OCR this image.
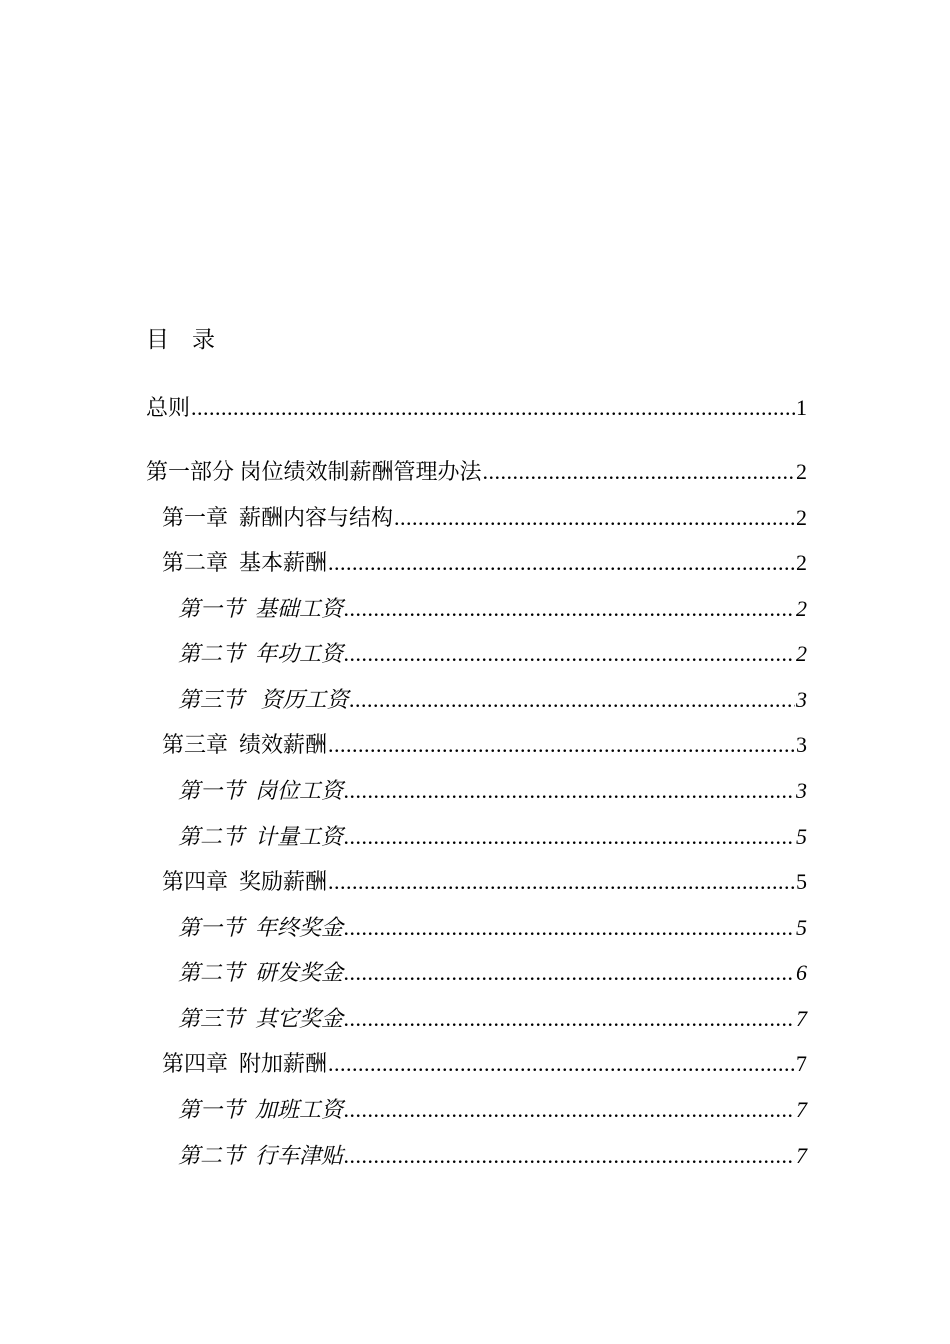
目　录
总则 .....	1
第一部分 岗位绩效制薪酬管理办法 .....	2
第一章  薪酬内容与结构 .....	2
第二章  基本薪酬 .....	2
第一节  基础工资 .....	2
第二节  年功工资 .....	2
第三节   资历工资 .....	3
第三章  绩效薪酬 .....	3
第一节  岗位工资 .....	3
第二节  计量工资 .....	5
第四章  奖励薪酬 .....	5
第一节  年终奖金 .....	5
第二节  研发奖金 .....	6
第三节  其它奖金 .....	7
第四章  附加薪酬 .....	7
第一节  加班工资 .....	7
第二节  行车津贴 .....	7
